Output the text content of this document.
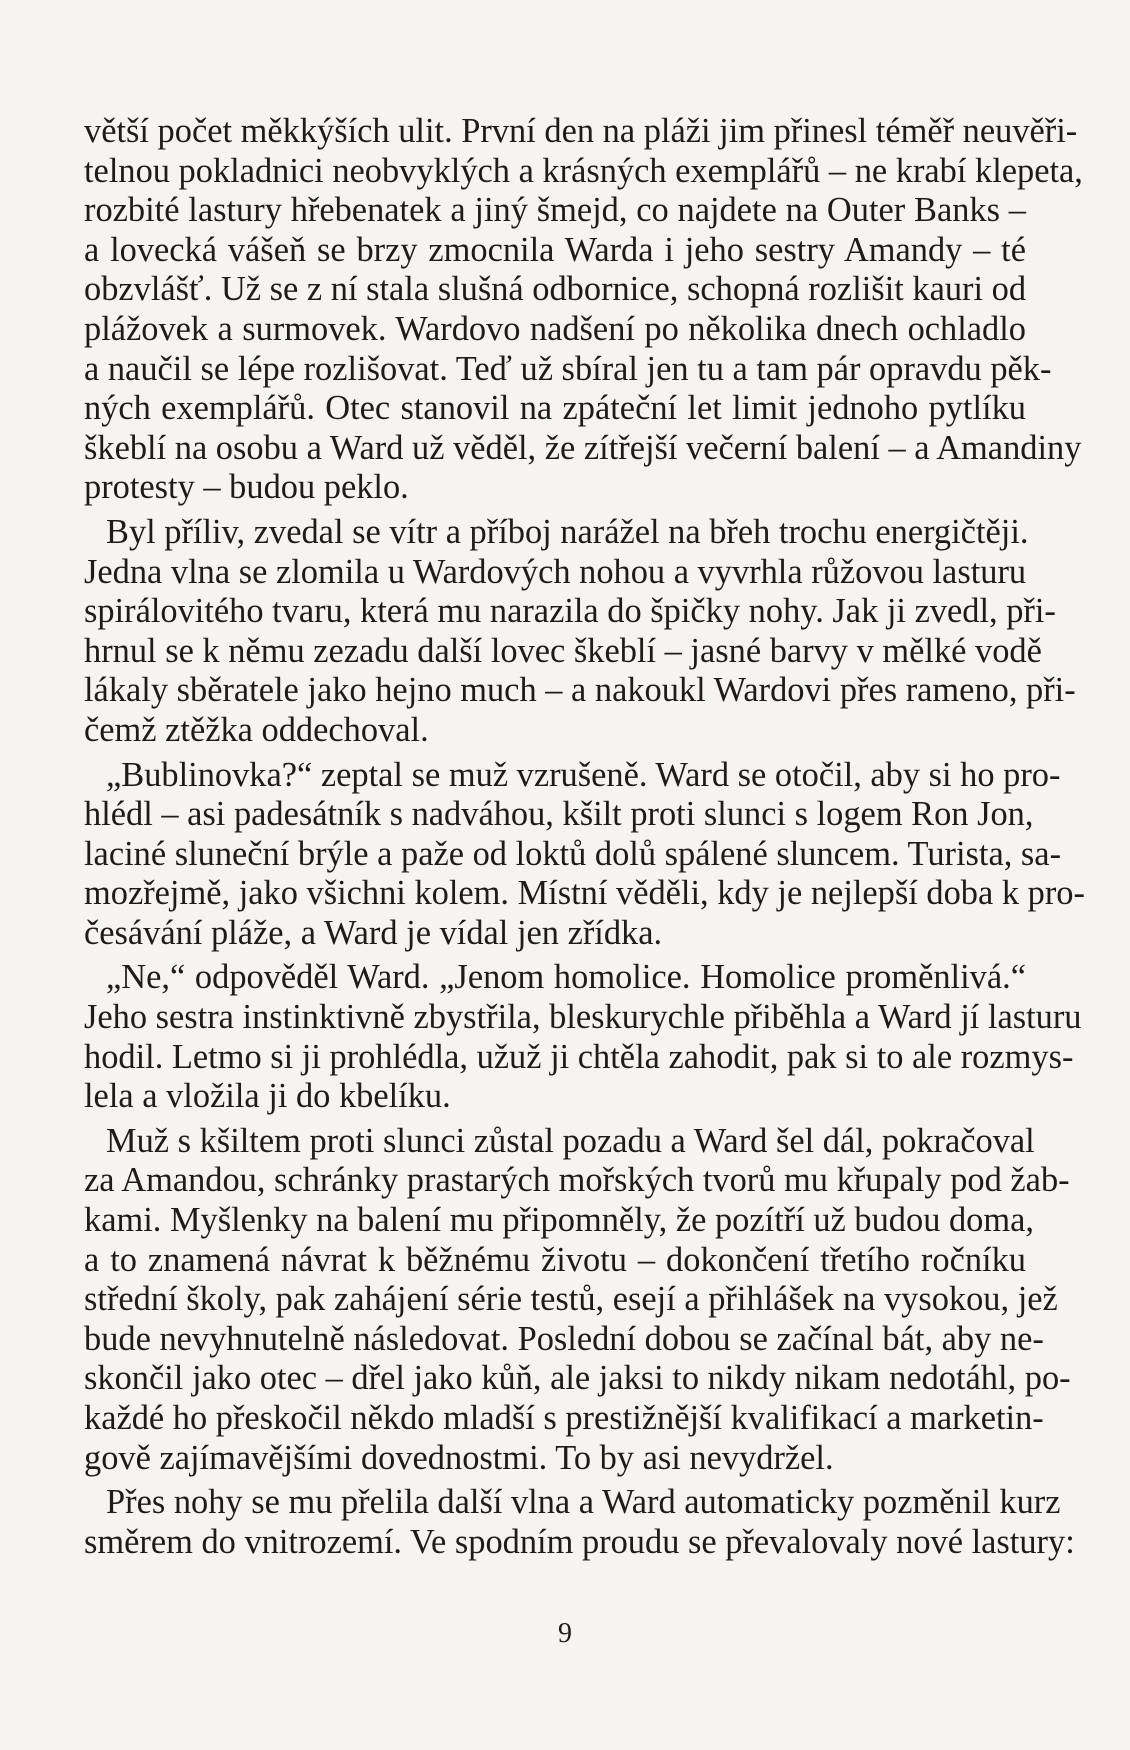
větší počet měkkýších ulit. První den na pláži jim přinesl téměř neuvěři-
telnou pokladnici neobvyklých a krásných exemplářů – ne krabí klepeta,
rozbité lastury hřebenatek a jiný šmejd, co najdete na Outer Banks –
a lovecká vášeň se brzy zmocnila Warda i jeho sestry Amandy – té
obzvlášť. Už se z ní stala slušná odbornice, schopná rozlišit kauri od
plážovek a surmovek. Wardovo nadšení po několika dnech ochladlo
a naučil se lépe rozlišovat. Teď už sbíral jen tu a tam pár opravdu pěk-
ných exemplářů. Otec stanovil na zpáteční let limit jednoho pytlíku
škeblí na osobu a Ward už věděl, že zítřejší večerní balení – a Amandiny
protesty – budou peklo.
Byl příliv, zvedal se vítr a příboj narážel na břeh trochu energičtěji.
Jedna vlna se zlomila u Wardových nohou a vyvrhla růžovou lasturu
spirálovitého tvaru, která mu narazila do špičky nohy. Jak ji zvedl, při-
hrnul se k němu zezadu další lovec škeblí – jasné barvy v mělké vodě
lákaly sběratele jako hejno much – a nakoukl Wardovi přes rameno, při-
čemž ztěžka oddechoval.
„Bublinovka?“ zeptal se muž vzrušeně. Ward se otočil, aby si ho pro-
hlédl – asi padesátník s nadváhou, kšilt proti slunci s logem Ron Jon,
laciné sluneční brýle a paže od loktů dolů spálené sluncem. Turista, sa-
mozřejmě, jako všichni kolem. Místní věděli, kdy je nejlepší doba k pro-
česávání pláže, a Ward je vídal jen zřídka.
„Ne,“ odpověděl Ward. „Jenom homolice. Homolice proměnlivá.“
Jeho sestra instinktivně zbystřila, bleskurychle přiběhla a Ward jí lasturu
hodil. Letmo si ji prohlédla, užuž ji chtěla zahodit, pak si to ale rozmys-
lela a vložila ji do kbelíku.
Muž s kšiltem proti slunci zůstal pozadu a Ward šel dál, pokračoval
za Amandou, schránky prastarých mořských tvorů mu křupaly pod žab-
kami. Myšlenky na balení mu připomněly, že pozítří už budou doma,
a to znamená návrat k běžnému životu – dokončení třetího ročníku
střední školy, pak zahájení série testů, esejí a přihlášek na vysokou, jež
bude nevyhnutelně následovat. Poslední dobou se začínal bát, aby ne-
skončil jako otec – dřel jako kůň, ale jaksi to nikdy nikam nedotáhl, po-
každé ho přeskočil někdo mladší s prestižnější kvalifikací a marketin-
gově zajímavějšími dovednostmi. To by asi nevydržel.
Přes nohy se mu přelila další vlna a Ward automaticky pozměnil kurz
směrem do vnitrozemí. Ve spodním proudu se převalovaly nové lastury:
9
